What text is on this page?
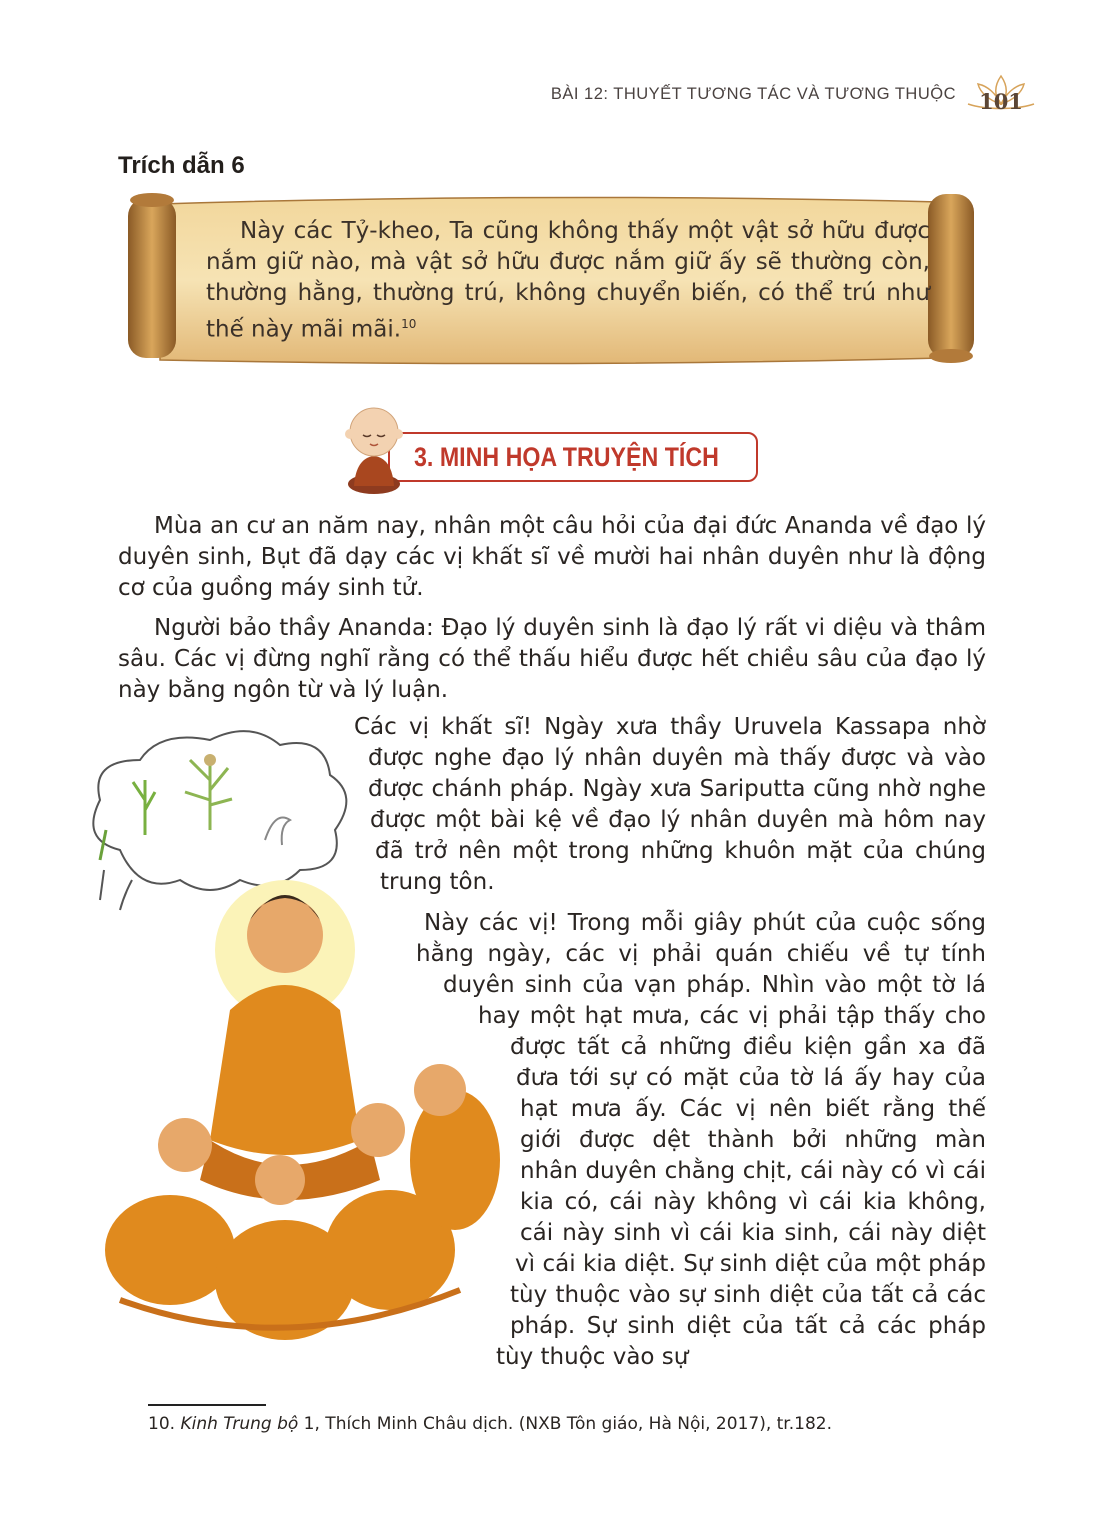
BÀI 12: THUYẾT TƯƠNG TÁC VÀ TƯƠNG THUỘC	101
Trích dẫn 6
Này các Tỷ-kheo, Ta cũng không thấy một vật sở hữu được nắm giữ nào, mà vật sở hữu được nắm giữ ấy sẽ thường còn, thường hằng, thường trú, không chuyển biến, có thể trú như thế này mãi mãi.$^{10}$
3. MINH HỌA TRUYỆN TÍCH

Mùa an cư an năm nay, nhân một câu hỏi của đại đức Ananda về đạo lý duyên sinh, Bụt đã dạy các vị khất sĩ về mười hai nhân duyên như là động cơ của guồng máy sinh tử.

Người bảo thầy Ananda: Đạo lý duyên sinh là đạo lý rất vi diệu và thâm sâu. Các vị đừng nghĩ rằng có thể thấu hiểu được hết chiều sâu của đạo lý này bằng ngôn từ và lý luận.

Các vị khất sĩ! Ngày xưa thầy Uruvela Kassapa nhờ được nghe đạo lý nhân duyên mà thấy được và vào được chánh pháp. Ngày xưa Sariputta cũng nhờ nghe được một bài kệ về đạo lý nhân duyên mà hôm nay đã trở nên một trong những khuôn mặt của chúng trung tôn.

Này các vị! Trong mỗi giây phút của cuộc sống hằng ngày, các vị phải quán chiếu về tự tính duyên sinh của vạn pháp. Nhìn vào một tờ lá hay một hạt mưa, các vị phải tập thấy cho được tất cả những điều kiện gần xa đã đưa tới sự có mặt của tờ lá ấy hay của hạt mưa ấy. Các vị nên biết rằng thế giới được dệt thành bởi những màn nhân duyên chằng chịt, cái này có vì cái kia có, cái này không vì cái kia không, cái này sinh vì cái kia sinh, cái này diệt vì cái kia diệt. Sự sinh diệt của một pháp tùy thuộc vào sự sinh diệt của tất cả các pháp. Sự sinh diệt của tất cả các pháp tùy thuộc vào sự

10. Kinh Trung bộ 1, Thích Minh Châu dịch. (NXB Tôn giáo, Hà Nội, 2017), tr.182.
